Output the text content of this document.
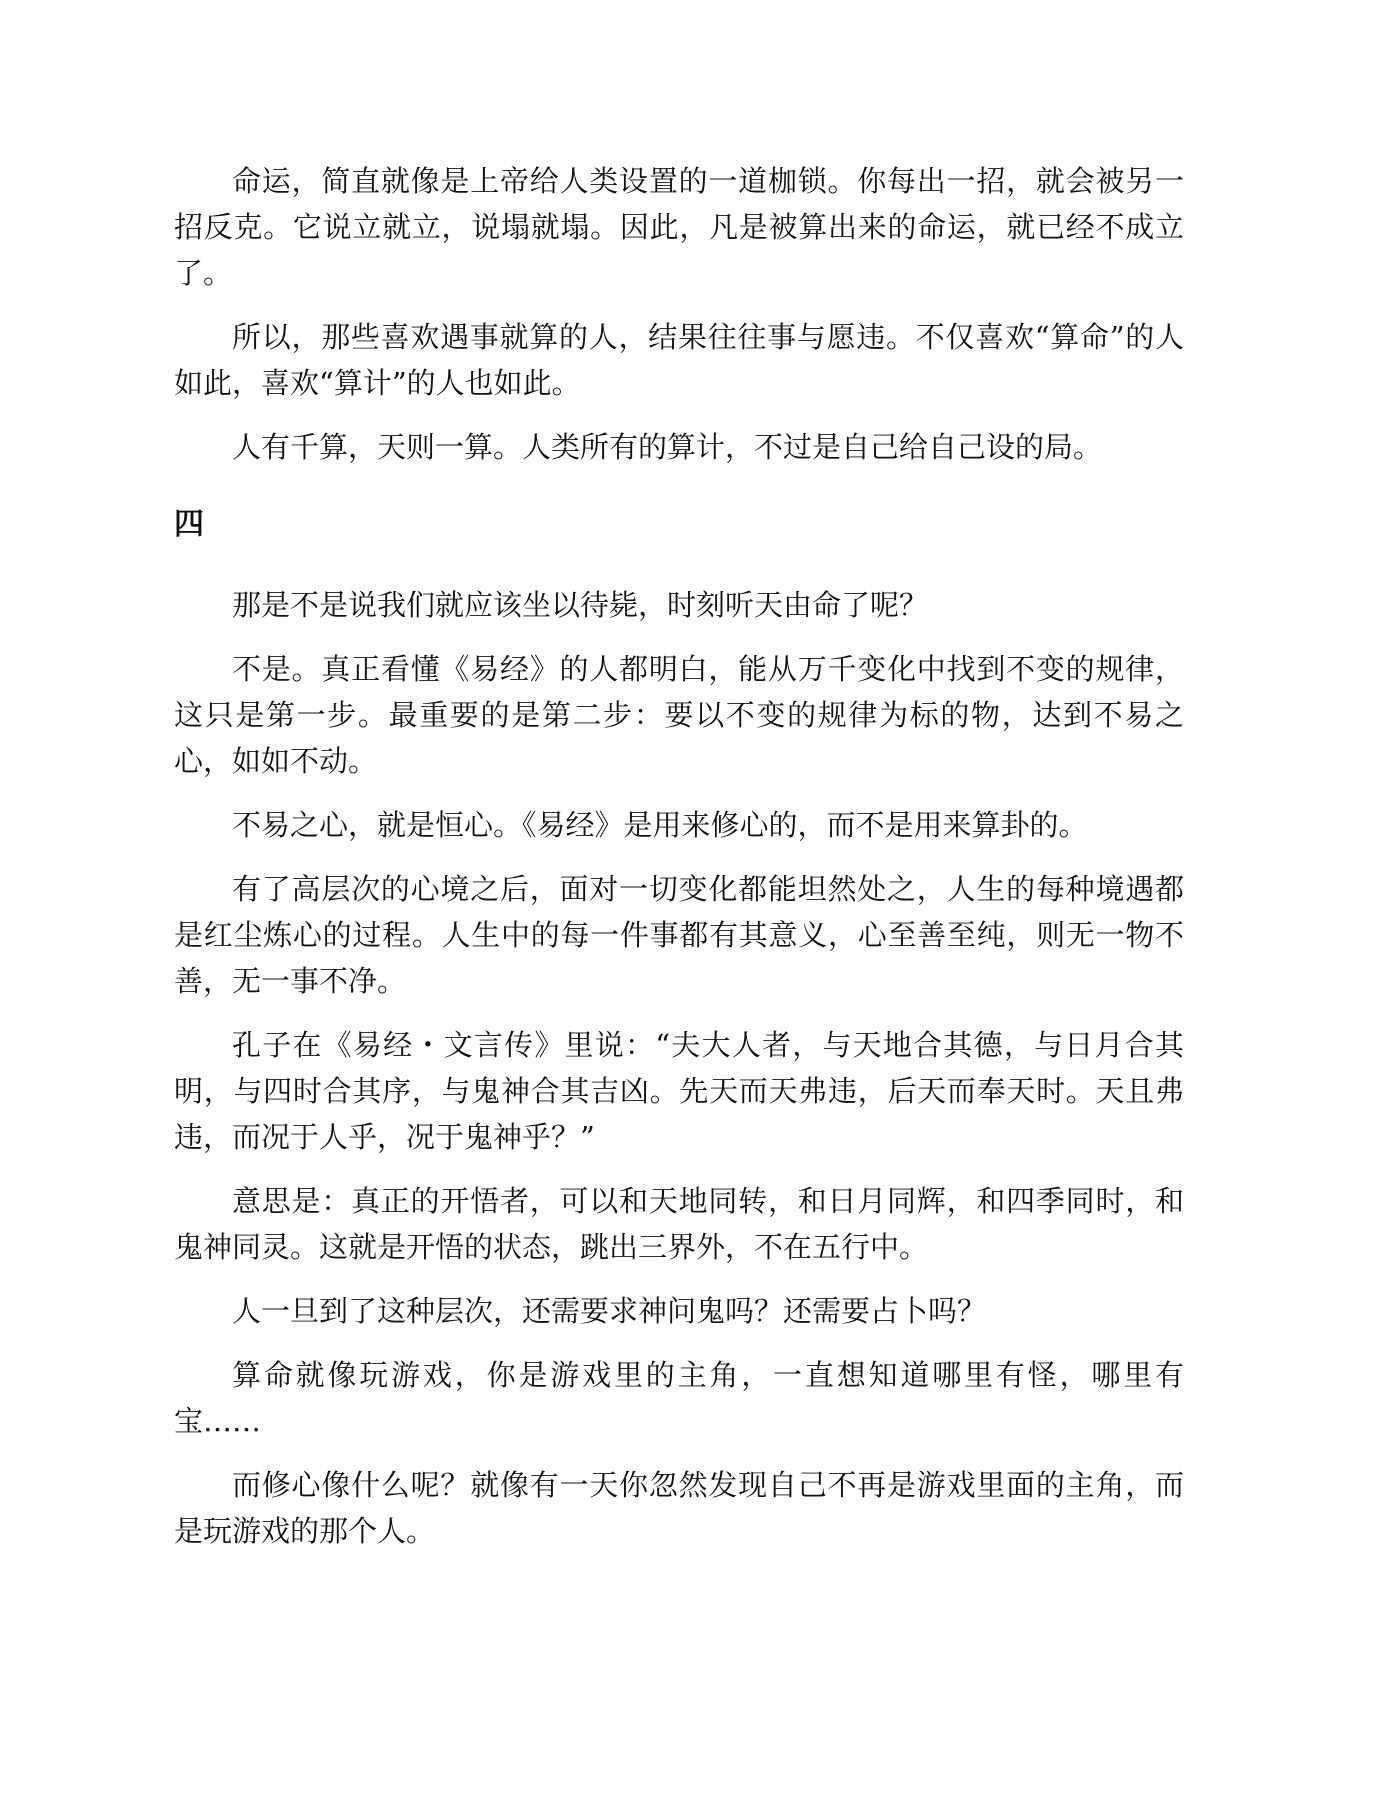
命运，简直就像是上帝给人类设置的一道枷锁。你每出一招，就会被另一招反克。它说立就立，说塌就塌。因此，凡是被算出来的命运，就已经不成立了。

所以，那些喜欢遇事就算的人，结果往往事与愿违。不仅喜欢“算命”的人如此，喜欢“算计”的人也如此。

人有千算，天则一算。人类所有的算计，不过是自己给自己设的局。

四

那是不是说我们就应该坐以待毙，时刻听天由命了呢？

不是。真正看懂《易经》的人都明白，能从万千变化中找到不变的规律，这只是第一步。最重要的是第二步：要以不变的规律为标的物，达到不易之心，如如不动。

不易之心，就是恒心。《易经》是用来修心的，而不是用来算卦的。

有了高层次的心境之后，面对一切变化都能坦然处之，人生的每种境遇都是红尘炼心的过程。人生中的每一件事都有其意义，心至善至纯，则无一物不善，无一事不净。

孔子在《易经・文言传》里说：“夫大人者，与天地合其德，与日月合其明，与四时合其序，与鬼神合其吉凶。先天而天弗违，后天而奉天时。天且弗违，而况于人乎，况于鬼神乎？”

意思是：真正的开悟者，可以和天地同转，和日月同辉，和四季同时，和鬼神同灵。这就是开悟的状态，跳出三界外，不在五行中。

人一旦到了这种层次，还需要求神问鬼吗？还需要占卜吗？

算命就像玩游戏，你是游戏里的主角，一直想知道哪里有怪，哪里有宝……

而修心像什么呢？就像有一天你忽然发现自己不再是游戏里面的主角，而是玩游戏的那个人。
